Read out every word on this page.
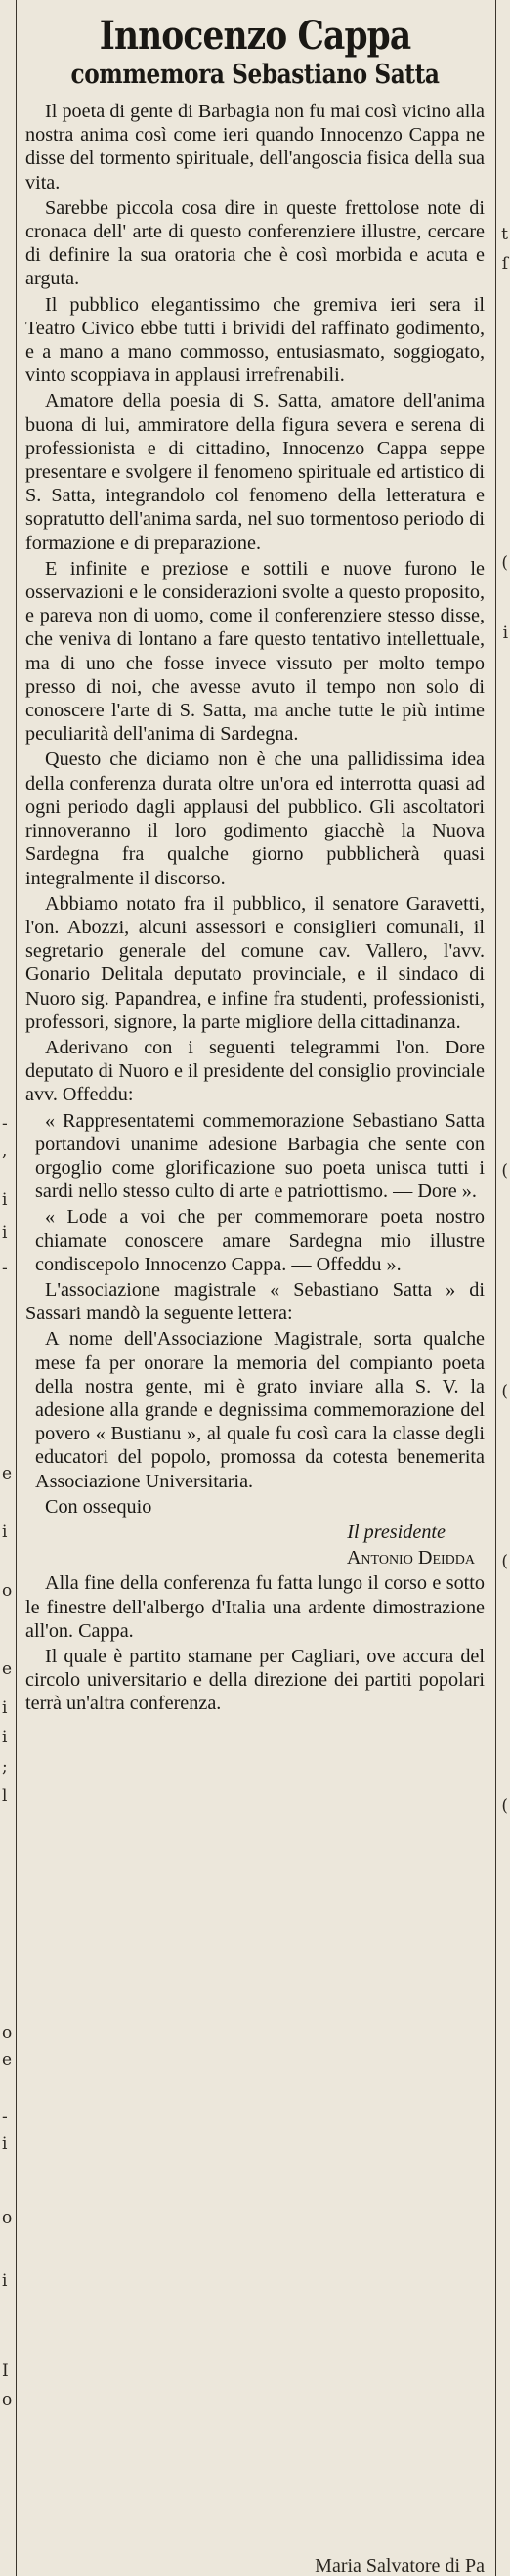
-
,
i
i
-
e
i
o
e
i
i
;
l
o
e
-
i
o
i
I
o
t
ſ
(
i
(
(
(
(
Innocenzo Cappa
commemora Sebastiano Satta

Il poeta di gente di Barbagia non fu mai così vicino alla nostra anima così come ieri quando Innocenzo Cappa ne disse del tormento spirituale, dell'angoscia fisica della sua vita.

Sarebbe piccola cosa dire in queste frettolose note di cronaca dell' arte di questo conferenziere illustre, cercare di definire la sua oratoria che è così morbida e acuta e arguta.

Il pubblico elegantissimo che gremiva ieri sera il Teatro Civico ebbe tutti i brividi del raffinato godimento, e a mano a mano commosso, entusiasmato, soggiogato, vinto scoppiava in applausi irrefrenabili.

Amatore della poesia di S. Satta, amatore dell'anima buona di lui, ammiratore della figura severa e serena di professionista e di cittadino, Innocenzo Cappa seppe presentare e svolgere il fenomeno spirituale ed artistico di S. Satta, integrandolo col fenomeno della letteratura e sopratutto dell'anima sarda, nel suo tormentoso periodo di formazione e di preparazione.

E infinite e preziose e sottili e nuove furono le osservazioni e le considerazioni svolte a questo proposito, e pareva non di uomo, come il conferenziere stesso disse, che veniva di lontano a fare questo tentativo intellettuale, ma di uno che fosse invece vissuto per molto tempo presso di noi, che avesse avuto il tempo non solo di conoscere l'arte di S. Satta, ma anche tutte le più intime peculiarità dell'anima di Sardegna.

Questo che diciamo non è che una pallidissima idea della conferenza durata oltre un'ora ed interrotta quasi ad ogni periodo dagli applausi del pubblico. Gli ascoltatori rinnoveranno il loro godimento giacchè la Nuova Sardegna fra qualche giorno pubblicherà quasi integralmente il discorso.

Abbiamo notato fra il pubblico, il senatore Garavetti, l'on. Abozzi, alcuni assessori e consiglieri comunali, il segretario generale del comune cav. Vallero, l'avv. Gonario Delitala deputato provinciale, e il sindaco di Nuoro sig. Papandrea, e infine fra studenti, professionisti, professori, signore, la parte migliore della cittadinanza.

Aderivano con i seguenti telegrammi l'on. Dore deputato di Nuoro e il presidente del consiglio provinciale avv. Offeddu:

« Rappresentatemi commemorazione Sebastiano Satta portandovi unanime adesione Barbagia che sente con orgoglio come glorificazione suo poeta unisca tutti i sardi nello stesso culto di arte e patriottismo. — Dore ».

« Lode a voi che per commemorare poeta nostro chiamate conoscere amare Sardegna mio illustre condiscepolo Innocenzo Cappa. — Offeddu ».

L'associazione magistrale « Sebastiano Satta » di Sassari mandò la seguente lettera:

A nome dell'Associazione Magistrale, sorta qualche mese fa per onorare la memoria del compianto poeta della nostra gente, mi è grato inviare alla S. V. la adesione alla grande e degnissima commemorazione del povero « Bustianu », al quale fu così cara la classe degli educatori del popolo, promossa da cotesta benemerita Associazione Universitaria.

Con ossequio

Il presidente

Antonio Deidda

Alla fine della conferenza fu fatta lungo il corso e sotto le finestre dell'albergo d'Italia una ardente dimostrazione all'on. Cappa.

Il quale è partito stamane per Cagliari, ove accura del circolo universitario e della direzione dei partiti popolari terrà un'altra conferenza.

Maria Salvatore di Pa
